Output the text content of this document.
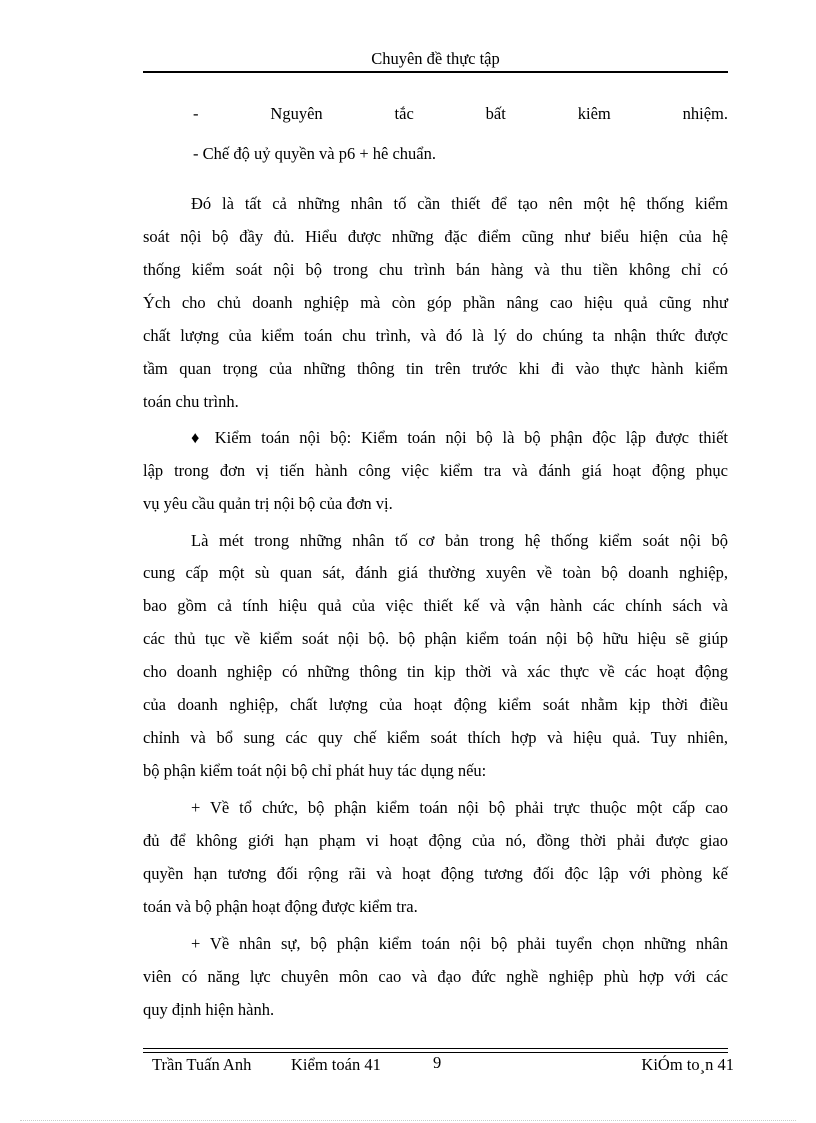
Chuyên đề thực tập
- Nguyên tắc bất kiêm nhiệm.
- Chế độ uỷ quyền và p6 + hê chuẩn.
Đó là tất cả những nhân tố cần thiết để tạo nên một hệ thống kiểm
soát nội bộ đầy đủ. Hiểu được những đặc điểm cũng như biểu hiện của hệ
thống kiểm soát nội bộ trong chu trình bán hàng và thu tiền không chỉ có
Ých cho chủ doanh nghiệp mà còn góp phần nâng cao hiệu quả cũng như
chất lượng của kiểm toán chu trình, và đó là lý do chúng ta nhận thức được
tầm quan trọng của những thông tin trên trước khi đi vào thực hành kiểm
toán chu trình.
♦ Kiểm toán nội bộ: Kiểm toán nội bộ là bộ phận độc lập được thiết
lập trong đơn vị tiến hành công việc kiểm tra và đánh giá hoạt động phục
vụ yêu cầu quản trị nội bộ của đơn vị.
Là mét trong những nhân tố cơ bản trong hệ thống kiểm soát nội bộ
cung cấp một sù quan sát, đánh giá thường xuyên về toàn bộ doanh nghiệp,
bao gồm cả tính hiệu quả của việc thiết kế và vận hành các chính sách và
các thủ tục về kiểm soát nội bộ. bộ phận kiểm toán nội bộ hữu hiệu sẽ giúp
cho doanh nghiệp có những thông tin kịp thời và xác thực về các hoạt động
của doanh nghiệp, chất lượng của hoạt động kiểm soát nhằm kịp thời điều
chỉnh và bổ sung các quy chế kiểm soát thích hợp và hiệu quả. Tuy nhiên,
bộ phận kiểm toát nội bộ chỉ phát huy tác dụng nếu:
+ Về tổ chức, bộ phận kiểm toán nội bộ phải trực thuộc một cấp cao
đủ để không giới hạn phạm vi hoạt động của nó, đồng thời phải được giao
quyền hạn tương đối rộng rãi và hoạt động tương đối độc lập với phòng kế
toán và bộ phận hoạt động được kiểm tra.
+ Về nhân sự, bộ phận kiểm toán nội bộ phải tuyển chọn những nhân
viên có năng lực chuyên môn cao và đạo đức nghề nghiệp phù hợp với các
quy định hiện hành.
Trần Tuấn Anh Kiểm toán 41	9	KiÓm to¸n 41
